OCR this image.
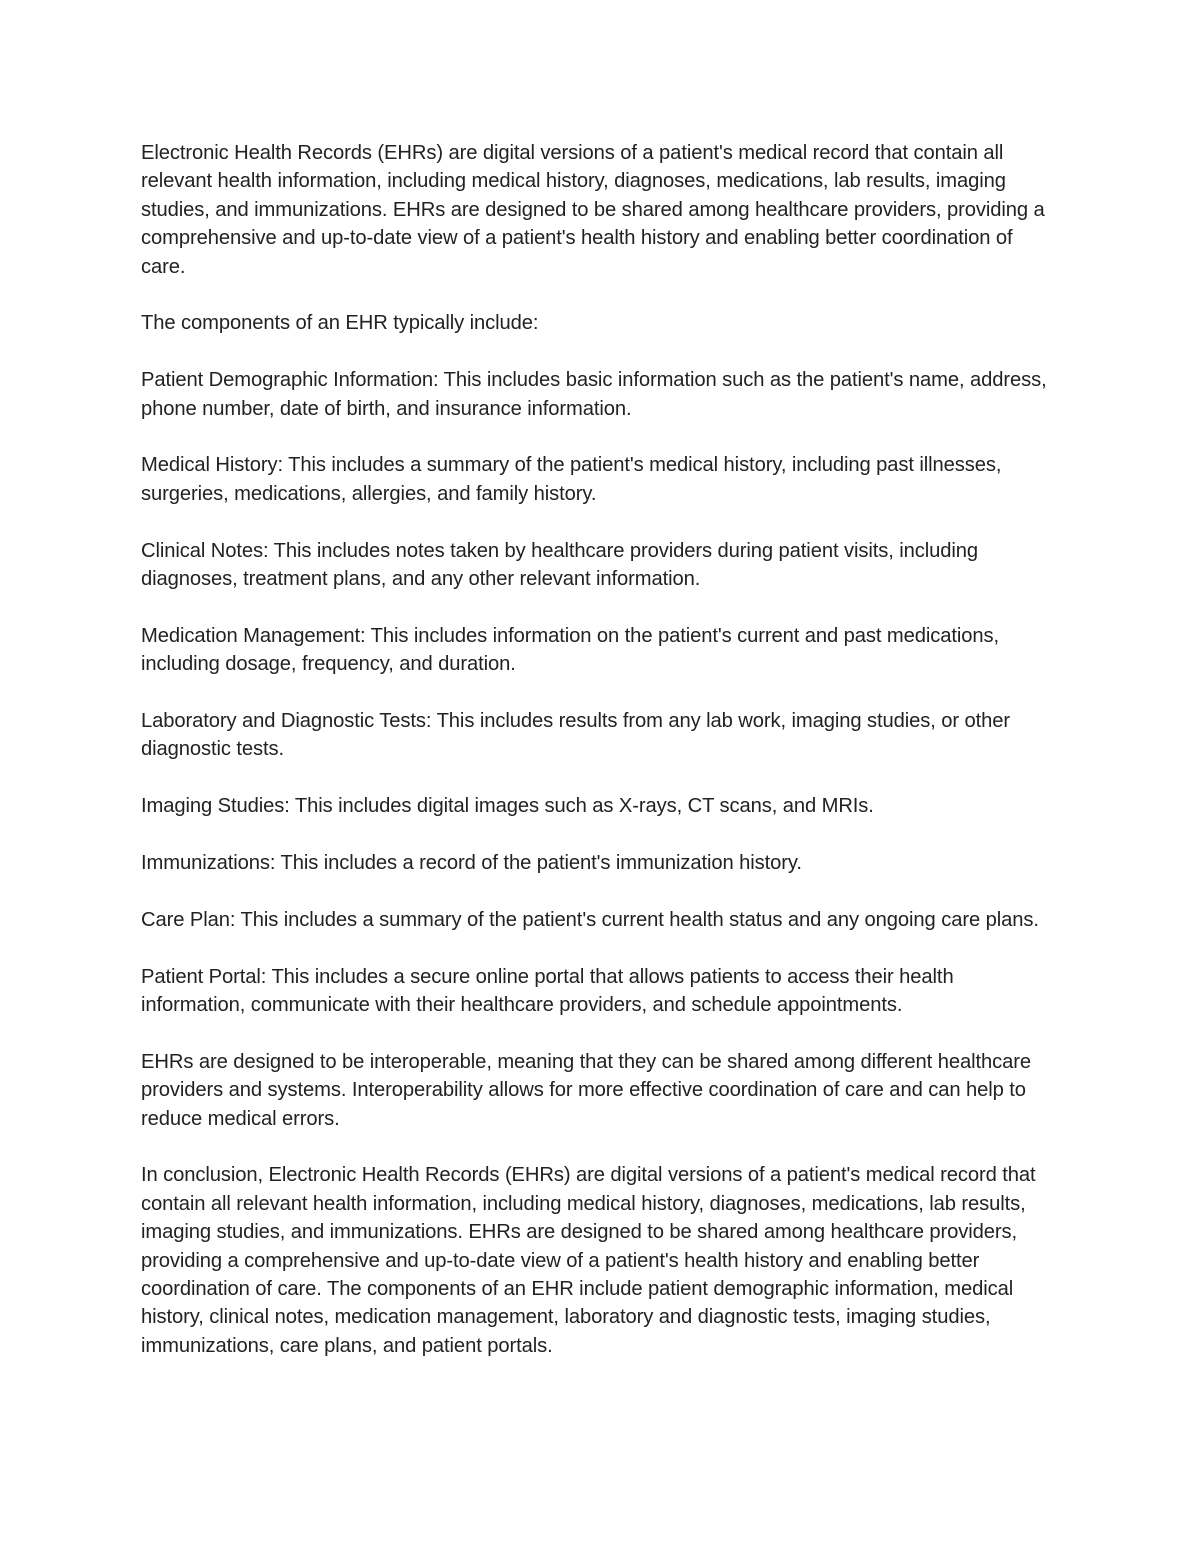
Electronic Health Records (EHRs) are digital versions of a patient's medical record that contain all relevant health information, including medical history, diagnoses, medications, lab results, imaging studies, and immunizations. EHRs are designed to be shared among healthcare providers, providing a comprehensive and up-to-date view of a patient's health history and enabling better coordination of care.

The components of an EHR typically include:

Patient Demographic Information: This includes basic information such as the patient's name, address, phone number, date of birth, and insurance information.

Medical History: This includes a summary of the patient's medical history, including past illnesses, surgeries, medications, allergies, and family history.

Clinical Notes: This includes notes taken by healthcare providers during patient visits, including diagnoses, treatment plans, and any other relevant information.

Medication Management: This includes information on the patient's current and past medications, including dosage, frequency, and duration.

Laboratory and Diagnostic Tests: This includes results from any lab work, imaging studies, or other diagnostic tests.

Imaging Studies: This includes digital images such as X-rays, CT scans, and MRIs.

Immunizations: This includes a record of the patient's immunization history.

Care Plan: This includes a summary of the patient's current health status and any ongoing care plans.

Patient Portal: This includes a secure online portal that allows patients to access their health information, communicate with their healthcare providers, and schedule appointments.

EHRs are designed to be interoperable, meaning that they can be shared among different healthcare providers and systems. Interoperability allows for more effective coordination of care and can help to reduce medical errors.

In conclusion, Electronic Health Records (EHRs) are digital versions of a patient's medical record that contain all relevant health information, including medical history, diagnoses, medications, lab results, imaging studies, and immunizations. EHRs are designed to be shared among healthcare providers, providing a comprehensive and up-to-date view of a patient's health history and enabling better coordination of care. The components of an EHR include patient demographic information, medical history, clinical notes, medication management, laboratory and diagnostic tests, imaging studies, immunizations, care plans, and patient portals.
